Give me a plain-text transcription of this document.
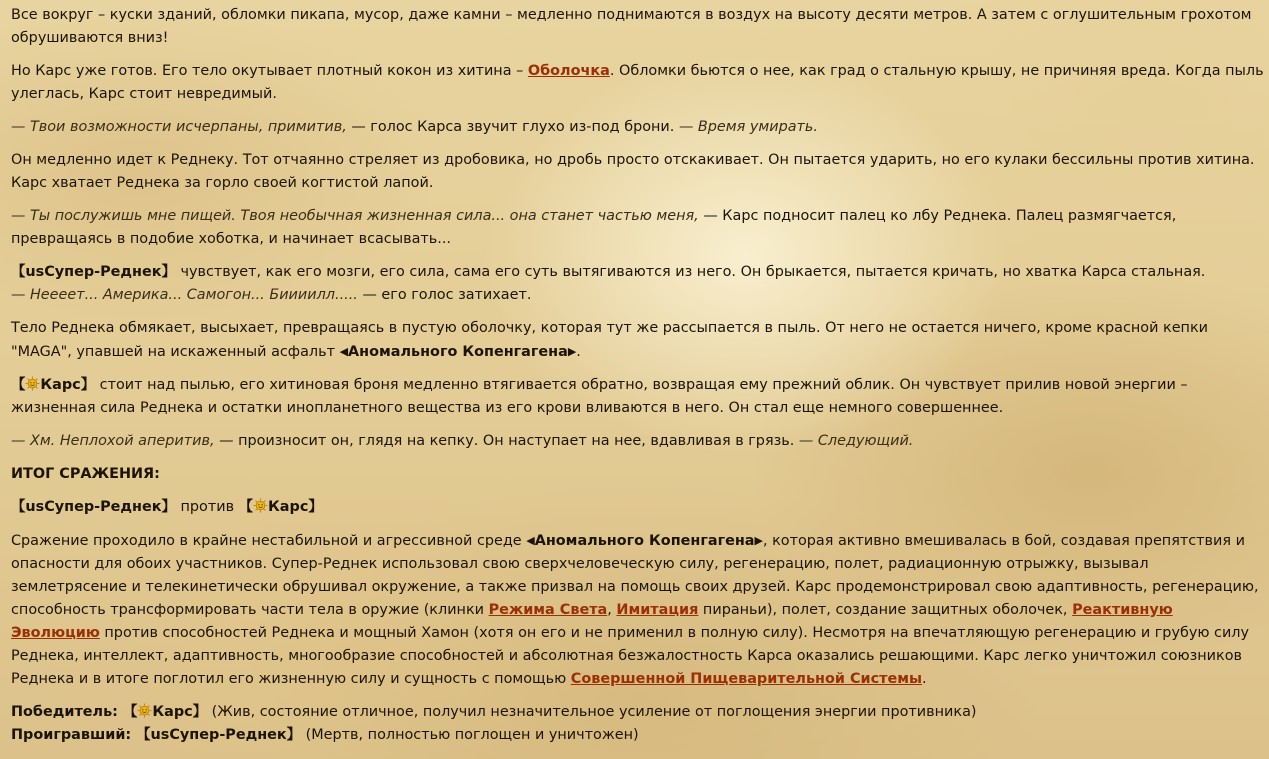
Все вокруг – куски зданий, обломки пикапа, мусор, даже камни – медленно поднимаются в воздух на высоту десяти метров. А затем с оглушительным грохотом обрушиваются вниз!

Но Карс уже готов. Его тело окутывает плотный кокон из хитина – Оболочка. Обломки бьются о нее, как град о стальную крышу, не причиняя вреда. Когда пыль улеглась, Карс стоит невредимый.

— Твои возможности исчерпаны, примитив, — голос Карса звучит глухо из-под брони. — Время умирать.

Он медленно идет к Реднеку. Тот отчаянно стреляет из дробовика, но дробь просто отскакивает. Он пытается ударить, но его кулаки бессильны против хитина. Карс хватает Реднека за горло своей когтистой лапой.

— Ты послужишь мне пищей. Твоя необычная жизненная сила... она станет частью меня, — Карс подносит палец ко лбу Реднека. Палец размягчается, превращаясь в подобие хоботка, и начинает всасывать...

【usСупер-Реднек】 чувствует, как его мозги, его сила, сама его суть вытягиваются из него. Он брыкается, пытается кричать, но хватка Карса стальная.

— Неееет... Америка... Самогон... Биииилл..... — его голос затихает.

Тело Реднека обмякает, высыхает, превращаясь в пустую оболочку, которая тут же рассыпается в пыль. От него не остается ничего, кроме красной кепки "MAGA", упавшей на искаженный асфальт ◀Аномального Копенгагена▶.

【 Карс】 стоит над пылью, его хитиновая броня медленно втягивается обратно, возвращая ему прежний облик. Он чувствует прилив новой энергии – жизненная сила Реднека и остатки инопланетного вещества из его крови вливаются в него. Он стал еще немного совершеннее.

— Хм. Неплохой аперитив, — произносит он, глядя на кепку. Он наступает на нее, вдавливая в грязь. — Следующий.

ИТОГ СРАЖЕНИЯ:

【usСупер-Реднек】 против 【 Карс】

Сражение проходило в крайне нестабильной и агрессивной среде ◀Аномального Копенгагена▶, которая активно вмешивалась в бой, создавая препятствия и опасности для обоих участников. Супер-Реднек использовал свою сверхчеловеческую силу, регенерацию, полет, радиационную отрыжку, вызывал землетрясение и телекинетически обрушивал окружение, а также призвал на помощь своих друзей. Карс продемонстрировал свою адаптивность, регенерацию, способность трансформировать части тела в оружие (клинки Режима Света, Имитация пираньи), полет, создание защитных оболочек, Реактивную Эволюцию против способностей Реднека и мощный Хамон (хотя он его и не применил в полную силу). Несмотря на впечатляющую регенерацию и грубую силу Реднека, интеллект, адаптивность, многообразие способностей и абсолютная безжалостность Карса оказались решающими. Карс легко уничтожил союзников Реднека и в итоге поглотил его жизненную силу и сущность с помощью Совершенной Пищеварительной Системы.

Победитель: 【 Карс】 (Жив, состояние отличное, получил незначительное усиление от поглощения энергии противника)

Проигравший: 【usСупер-Реднек】 (Мертв, полностью поглощен и уничтожен)
